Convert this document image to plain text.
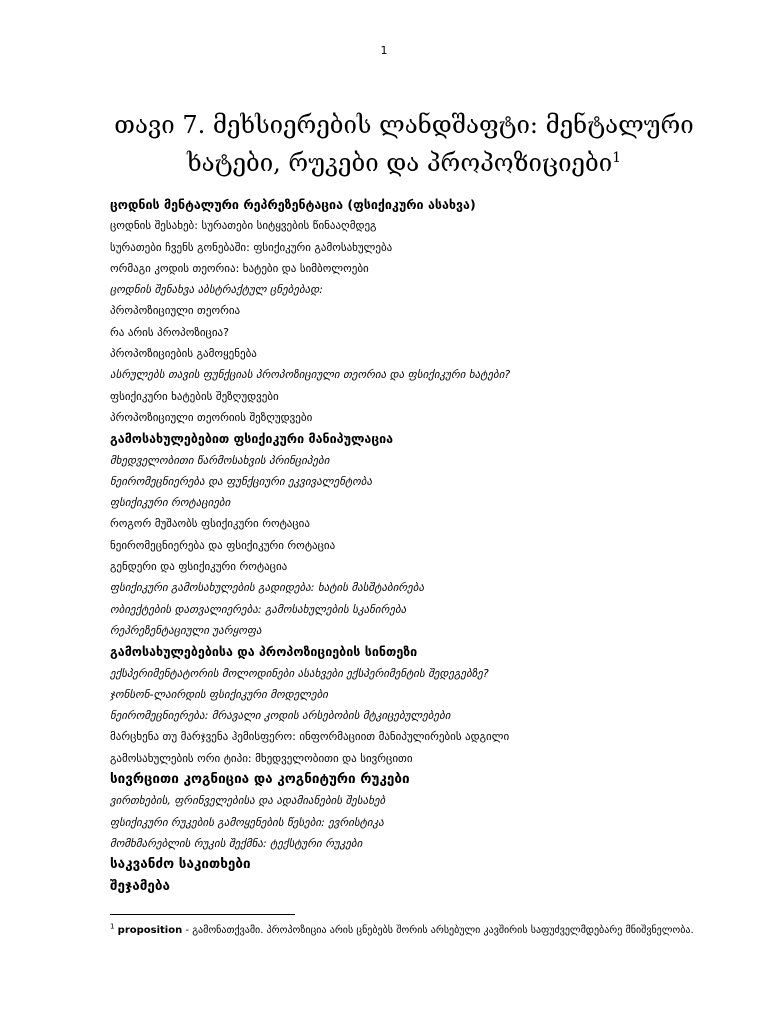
1
თავი 7. მეხსიერების ლანდშაფტი: მენტალური
ხატები, რუკები და პროპოზიციები$^1$
ცოდნის მენტალური რეპრეზენტაცია (ფსიქიკური ასახვა)
ცოდნის შესახებ: სურათები სიტყვების წინააღმდეგ
სურათები ჩვენს გონებაში: ფსიქიკური გამოსახულება
ორმაგი კოდის თეორია: ხატები და სიმბოლოები
ცოდნის შენახვა აბსტრაქტულ ცნებებად:
პროპოზიციული თეორია
რა არის პროპოზიცია?
პროპოზიციების გამოყენება
ასრულებს თავის ფუნქციას პროპოზიციული თეორია და ფსიქიკური ხატები?
ფსიქიკური ხატების შეზღუდვები
პროპოზიციული თეორიის შეზღუდვები
გამოსახულებებით ფსიქიკური მანიპულაცია
მხედველობითი წარმოსახვის პრინციპები
ნეირომეცნიერება და ფუნქციური ეკვივალენტობა
ფსიქიკური როტაციები
როგორ მუშაობს ფსიქიკური როტაცია
ნეირომეცნიერება და ფსიქიკური როტაცია
გენდერი და ფსიქიკური როტაცია
ფსიქიკური გამოსახულების გადიდება: ხატის მასშტაბირება
ობიექტების დათვალიერება: გამოსახულების სკანირება
რეპრეზენტაციული უარყოფა
გამოსახულებებისა და პროპოზიციების სინთეზი
ექსპერიმენტატორის მოლოდინები ასახვები ექსპერიმენტის შედეგებზე?
ჯონსონ-ლაირდის ფსიქიკური მოდელები
ნეირომეცნიერება: მრავალი კოდის არსებობის მტკიცებულებები
მარცხენა თუ მარჯვენა ჰემისფერო: ინფორმაციით მანიპულირების ადგილი
გამოსახულების ორი ტიპი: მხედველობითი და სივრცითი
სივრცითი კოგნიცია და კოგნიტური რუკები
ვირთხების, ფრინველებისა და ადამიანების შესახებ
ფსიქიკური რუკების გამოყენების წესები: ევრისტიკა
მომხმარებლის რუკის შექმნა: ტექსტური რუკები
საკვანძო საკითხები
შეჯამება
$^1$ proposition - გამონათქვამი. პროპოზიცია არის ცნებებს შორის არსებული კავშირის საფუძველმდებარე მნიშვნელობა.
